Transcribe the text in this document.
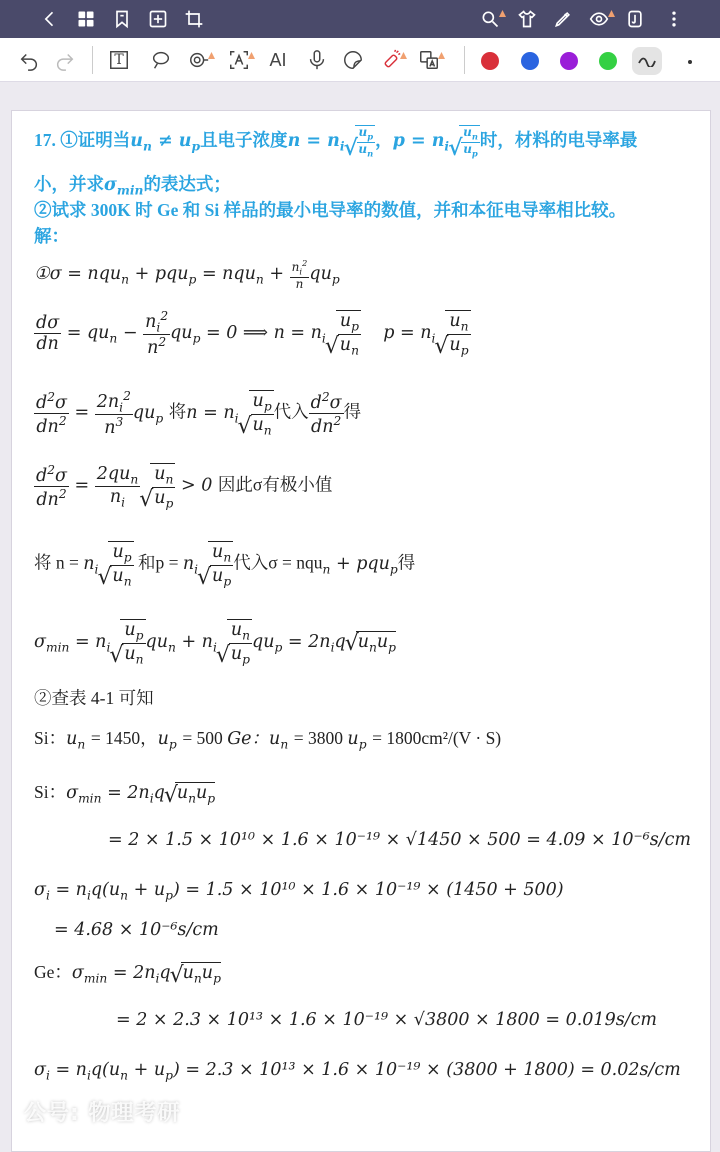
T	AI
17. ①证明当$u_n \ne u_p$且电子浓度$n = n_i$
√ $\frac{u_p}{u_n}$ ，$p = n_i$
√ $\frac{u_n}{u_p}$ 时，材料的电导率最
小，并求$\sigma_{min}$的表达式；
②试求 300K 时 Ge 和 Si 样品的最小电导率的数值，并和本征电导率相比较。
解：
①σ = $nqu_n + pqu_p = nqu_n + \frac{n_i^2}{n} qu_p$
$\frac{d\sigma}{dn} = qu_n - \frac{n_i^2}{n^2} qu_p = 0$ ⟹ $n = n_i$
√ $\frac{u_p}{u_n}$ $p = n_i$
√ $\frac{u_n}{u_p}$
$\frac{d^2\sigma}{dn^2} = \frac{2n_i^2}{n^3} qu_p$ 将$n = n_i$
√ $\frac{u_p}{u_n}$ 代入 $\frac{d^2\sigma}{dn^2}$ 得
$\frac{d^2\sigma}{dn^2} = \frac{2qu_n}{n_i}$
√ $\frac{u_n}{u_p} > 0$ 因此σ有极小值
将 $n = n_i$
√ $\frac{u_p}{u_n}$ 和$p = n_i$
√ $\frac{u_n}{u_p}$ 代入σ = nqu$_n$ + pqu$_p$得
$\sigma_{min} = n_i$
√ $\frac{u_p}{u_n} qu_n + n_i$
√ $\frac{u_n}{u_p} qu_p = 2n_iq√$ $u_nu_p$
②查表 4-1 可知
Si：$u_n = 1450$，$u_p = 500$ Ge：$u_n = 3800$ $u_p = 1800cm^2/(V \cdot S)$
Si：$\sigma_{min} = 2n_iq√$ $u_nu_p$
= 2 × 1.5 × 10¹⁰ × 1.6 × 10⁻¹⁹ × √1450 × 500 = 4.09 × 10⁻⁶s/cm
$\sigma_i = n_iq(u_n + u_p) = 1.5 \times 10^{10} \times 1.6 \times 10^{-19} \times (1450 + 500)$
= 4.68 × 10⁻⁶s/cm
Ge：$\sigma_{min} = 2n_iq√$ $u_nu_p$
= 2 × 2.3 × 10¹³ × 1.6 × 10⁻¹⁹ × √3800 × 1800 = 0.019s/cm
$\sigma_i = n_iq(u_n + u_p) = 2.3 \times 10^{13} \times 1.6 \times 10^{-19} \times (3800 + 1800) = 0.02s/cm$
公号: 物理考研
